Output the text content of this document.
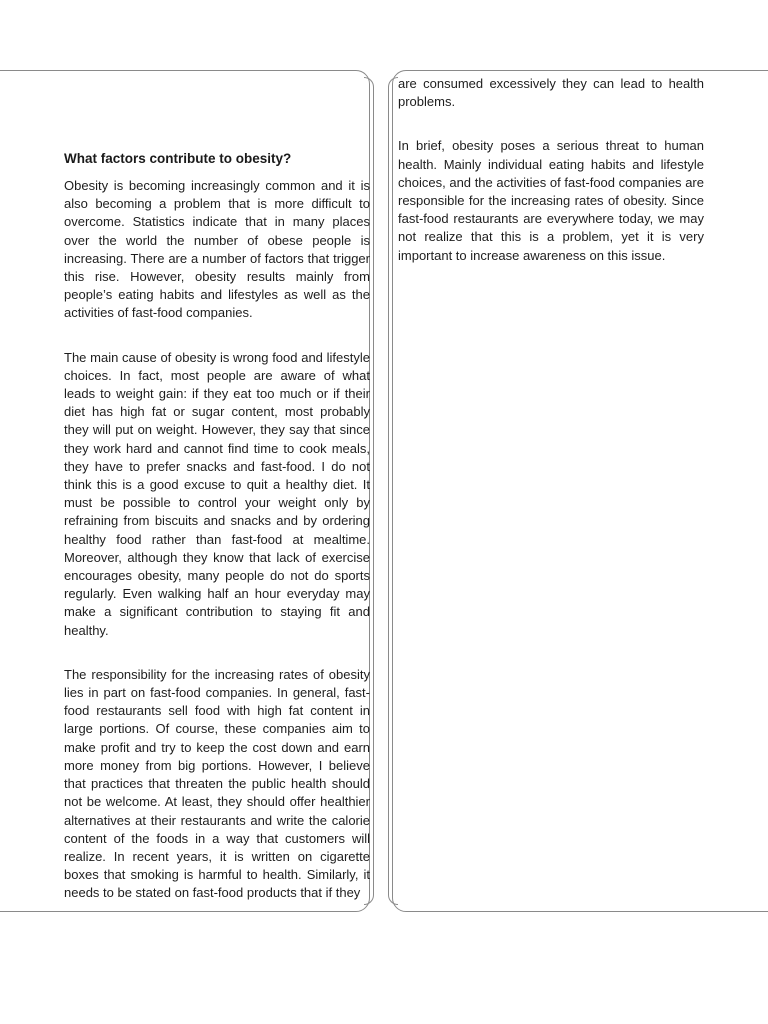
What factors contribute to obesity?

Obesity is becoming increasingly common and it is also becoming a problem that is more difficult to overcome. Statistics indicate that in many places over the world the number of obese people is increasing. There are a number of factors that trigger this rise. However, obesity results mainly from people’s eating habits and lifestyles as well as the activities of fast-food companies.

The main cause of obesity is wrong food and lifestyle choices. In fact, most people are aware of what leads to weight gain: if they eat too much or if their diet has high fat or sugar content, most probably they will put on weight. However, they say that since they work hard and cannot find time to cook meals, they have to prefer snacks and fast-food. I do not think this is a good excuse to quit a healthy diet. It must be possible to control your weight only by refraining from biscuits and snacks and by ordering healthy food rather than fast-food at mealtime. Moreover, although they know that lack of exercise encourages obesity, many people do not do sports regularly. Even walking half an hour everyday may make a significant contribution to staying fit and healthy.

The responsibility for the increasing rates of obesity lies in part on fast-food companies. In general, fast-food restaurants sell food with high fat content in large portions. Of course, these companies aim to make profit and try to keep the cost down and earn more money from big portions. However, I believe that practices that threaten the public health should not be welcome. At least, they should offer healthier alternatives at their restaurants and write the calorie content of the foods in a way that customers will realize. In recent years, it is written on cigarette boxes that smoking is harmful to health. Similarly, it needs to be stated on fast-food products that if they

are consumed excessively they can lead to health problems.

In brief, obesity poses a serious threat to human health. Mainly individual eating habits and lifestyle choices, and the activities of fast-food companies are responsible for the increasing rates of obesity. Since fast-food restaurants are everywhere today, we may not realize that this is a problem, yet it is very important to increase awareness on this issue.
